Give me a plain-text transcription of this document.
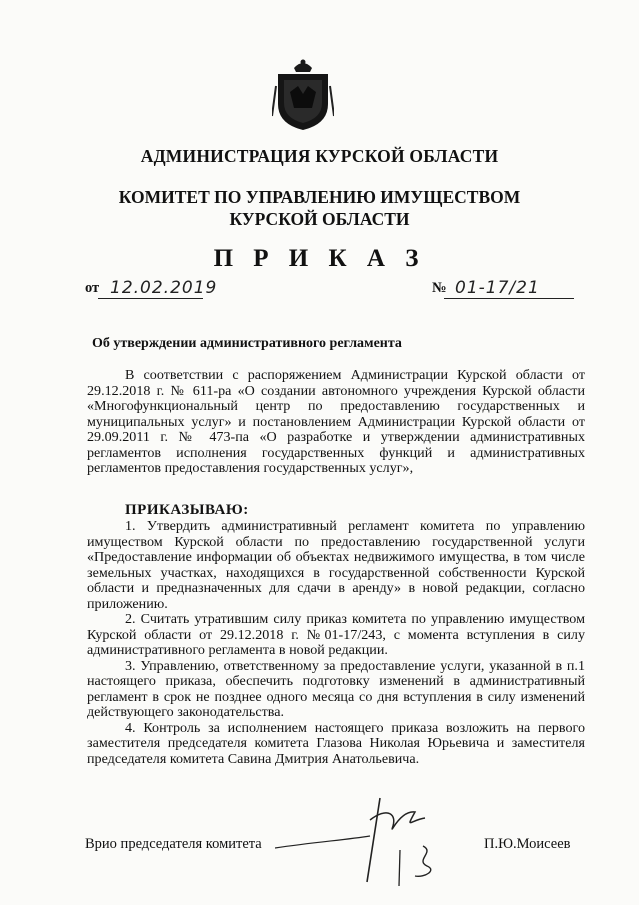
АДМИНИСТРАЦИЯ КУРСКОЙ ОБЛАСТИ
КОМИТЕТ ПО УПРАВЛЕНИЮ ИМУЩЕСТВОМ
КУРСКОЙ ОБЛАСТИ
П Р И К А З
от 12.02.2019	№ 01-17/21
Об утверждении административного регламента
В соответствии с распоряжением Администрации Курской области от 29.12.2018 г. № 611-ра «О создании автономного учреждения Курской области «Многофункциональный центр по предоставлению государственных и муниципальных услуг» и постановлением Администрации Курской области от 29.09.2011 г. № 473-па «О разработке и утверждении административных регламентов исполнения государственных функций и административных регламентов предоставления государственных услуг»,
ПРИКАЗЫВАЮ:

1. Утвердить административный регламент комитета по управлению имуществом Курской области по предоставлению государственной услуги «Предоставление информации об объектах недвижимого имущества, в том числе земельных участках, находящихся в государственной собственности Курской области и предназначенных для сдачи в аренду» в новой редакции, согласно приложению.

2. Считать утратившим силу приказ комитета по управлению имуществом Курской области от 29.12.2018 г. №01-17/243, с момента вступления в силу административного регламента в новой редакции.

3. Управлению, ответственному за предоставление услуги, указанной в п.1 настоящего приказа, обеспечить подготовку изменений в административный регламент в срок не позднее одного месяца со дня вступления в силу изменений действующего законодательства.

4. Контроль за исполнением настоящего приказа возложить на первого заместителя председателя комитета Глазова Николая Юрьевича и заместителя председателя комитета Савина Дмитрия Анатольевича.

Врио председателя комитета	П.Ю.Моисеев
